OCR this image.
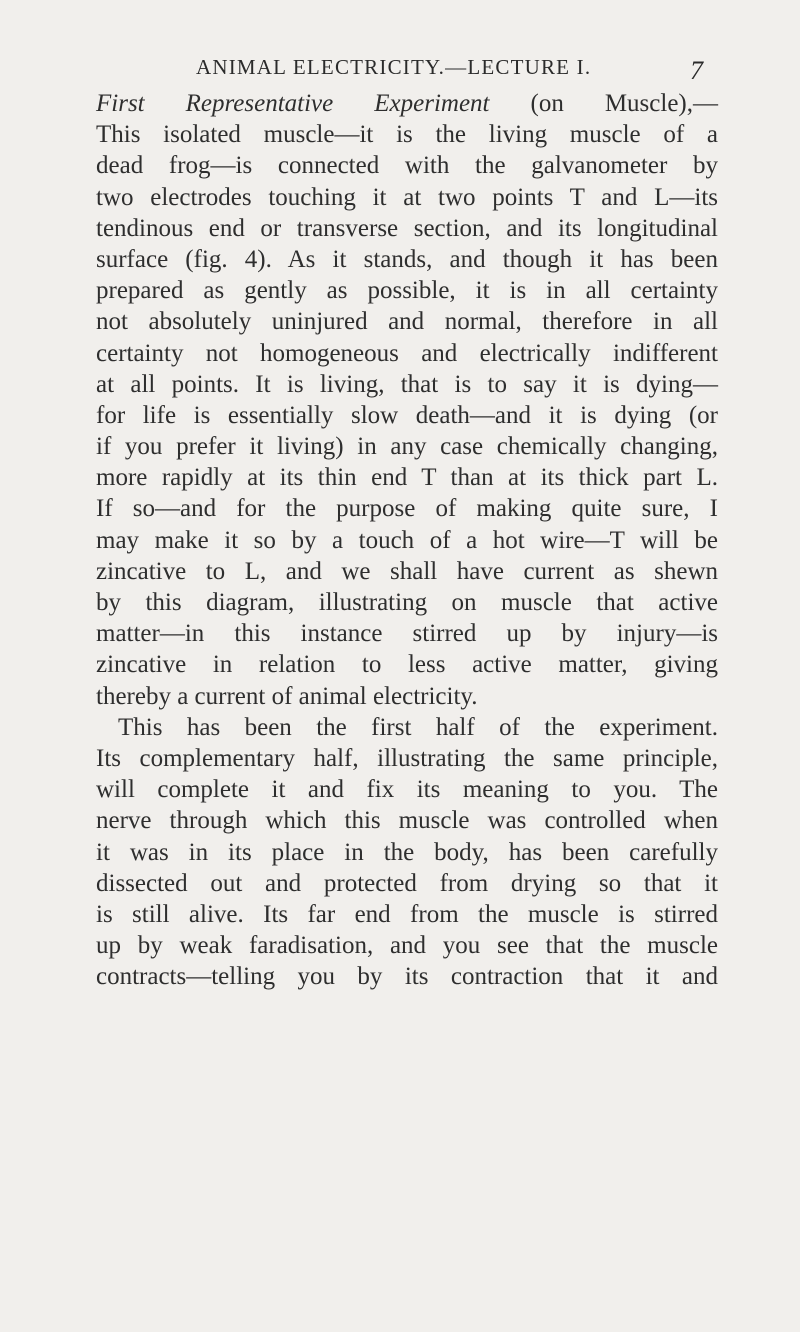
ANIMAL ELECTRICITY.—LECTURE I.	7
First Representative Experiment (on Muscle),—
This isolated muscle—it is the living muscle of a
dead frog—is connected with the galvanometer by
two electrodes touching it at two points T and L—its
tendinous end or transverse section, and its longitudinal
surface (fig. 4). As it stands, and though it has been
prepared as gently as possible, it is in all certainty
not absolutely uninjured and normal, therefore in all
certainty not homogeneous and electrically indifferent
at all points. It is living, that is to say it is dying—
for life is essentially slow death—and it is dying (or
if you prefer it living) in any case chemically changing,
more rapidly at its thin end T than at its thick part L.
If so—and for the purpose of making quite sure, I
may make it so by a touch of a hot wire—T will be
zincative to L, and we shall have current as shewn
by this diagram, illustrating on muscle that active
matter—in this instance stirred up by injury—is
zincative in relation to less active matter, giving
thereby a current of animal electricity.
This has been the first half of the experiment.
Its complementary half, illustrating the same principle,
will complete it and fix its meaning to you. The
nerve through which this muscle was controlled when
it was in its place in the body, has been carefully
dissected out and protected from drying so that it
is still alive. Its far end from the muscle is stirred
up by weak faradisation, and you see that the muscle
contracts—telling you by its contraction that it and
